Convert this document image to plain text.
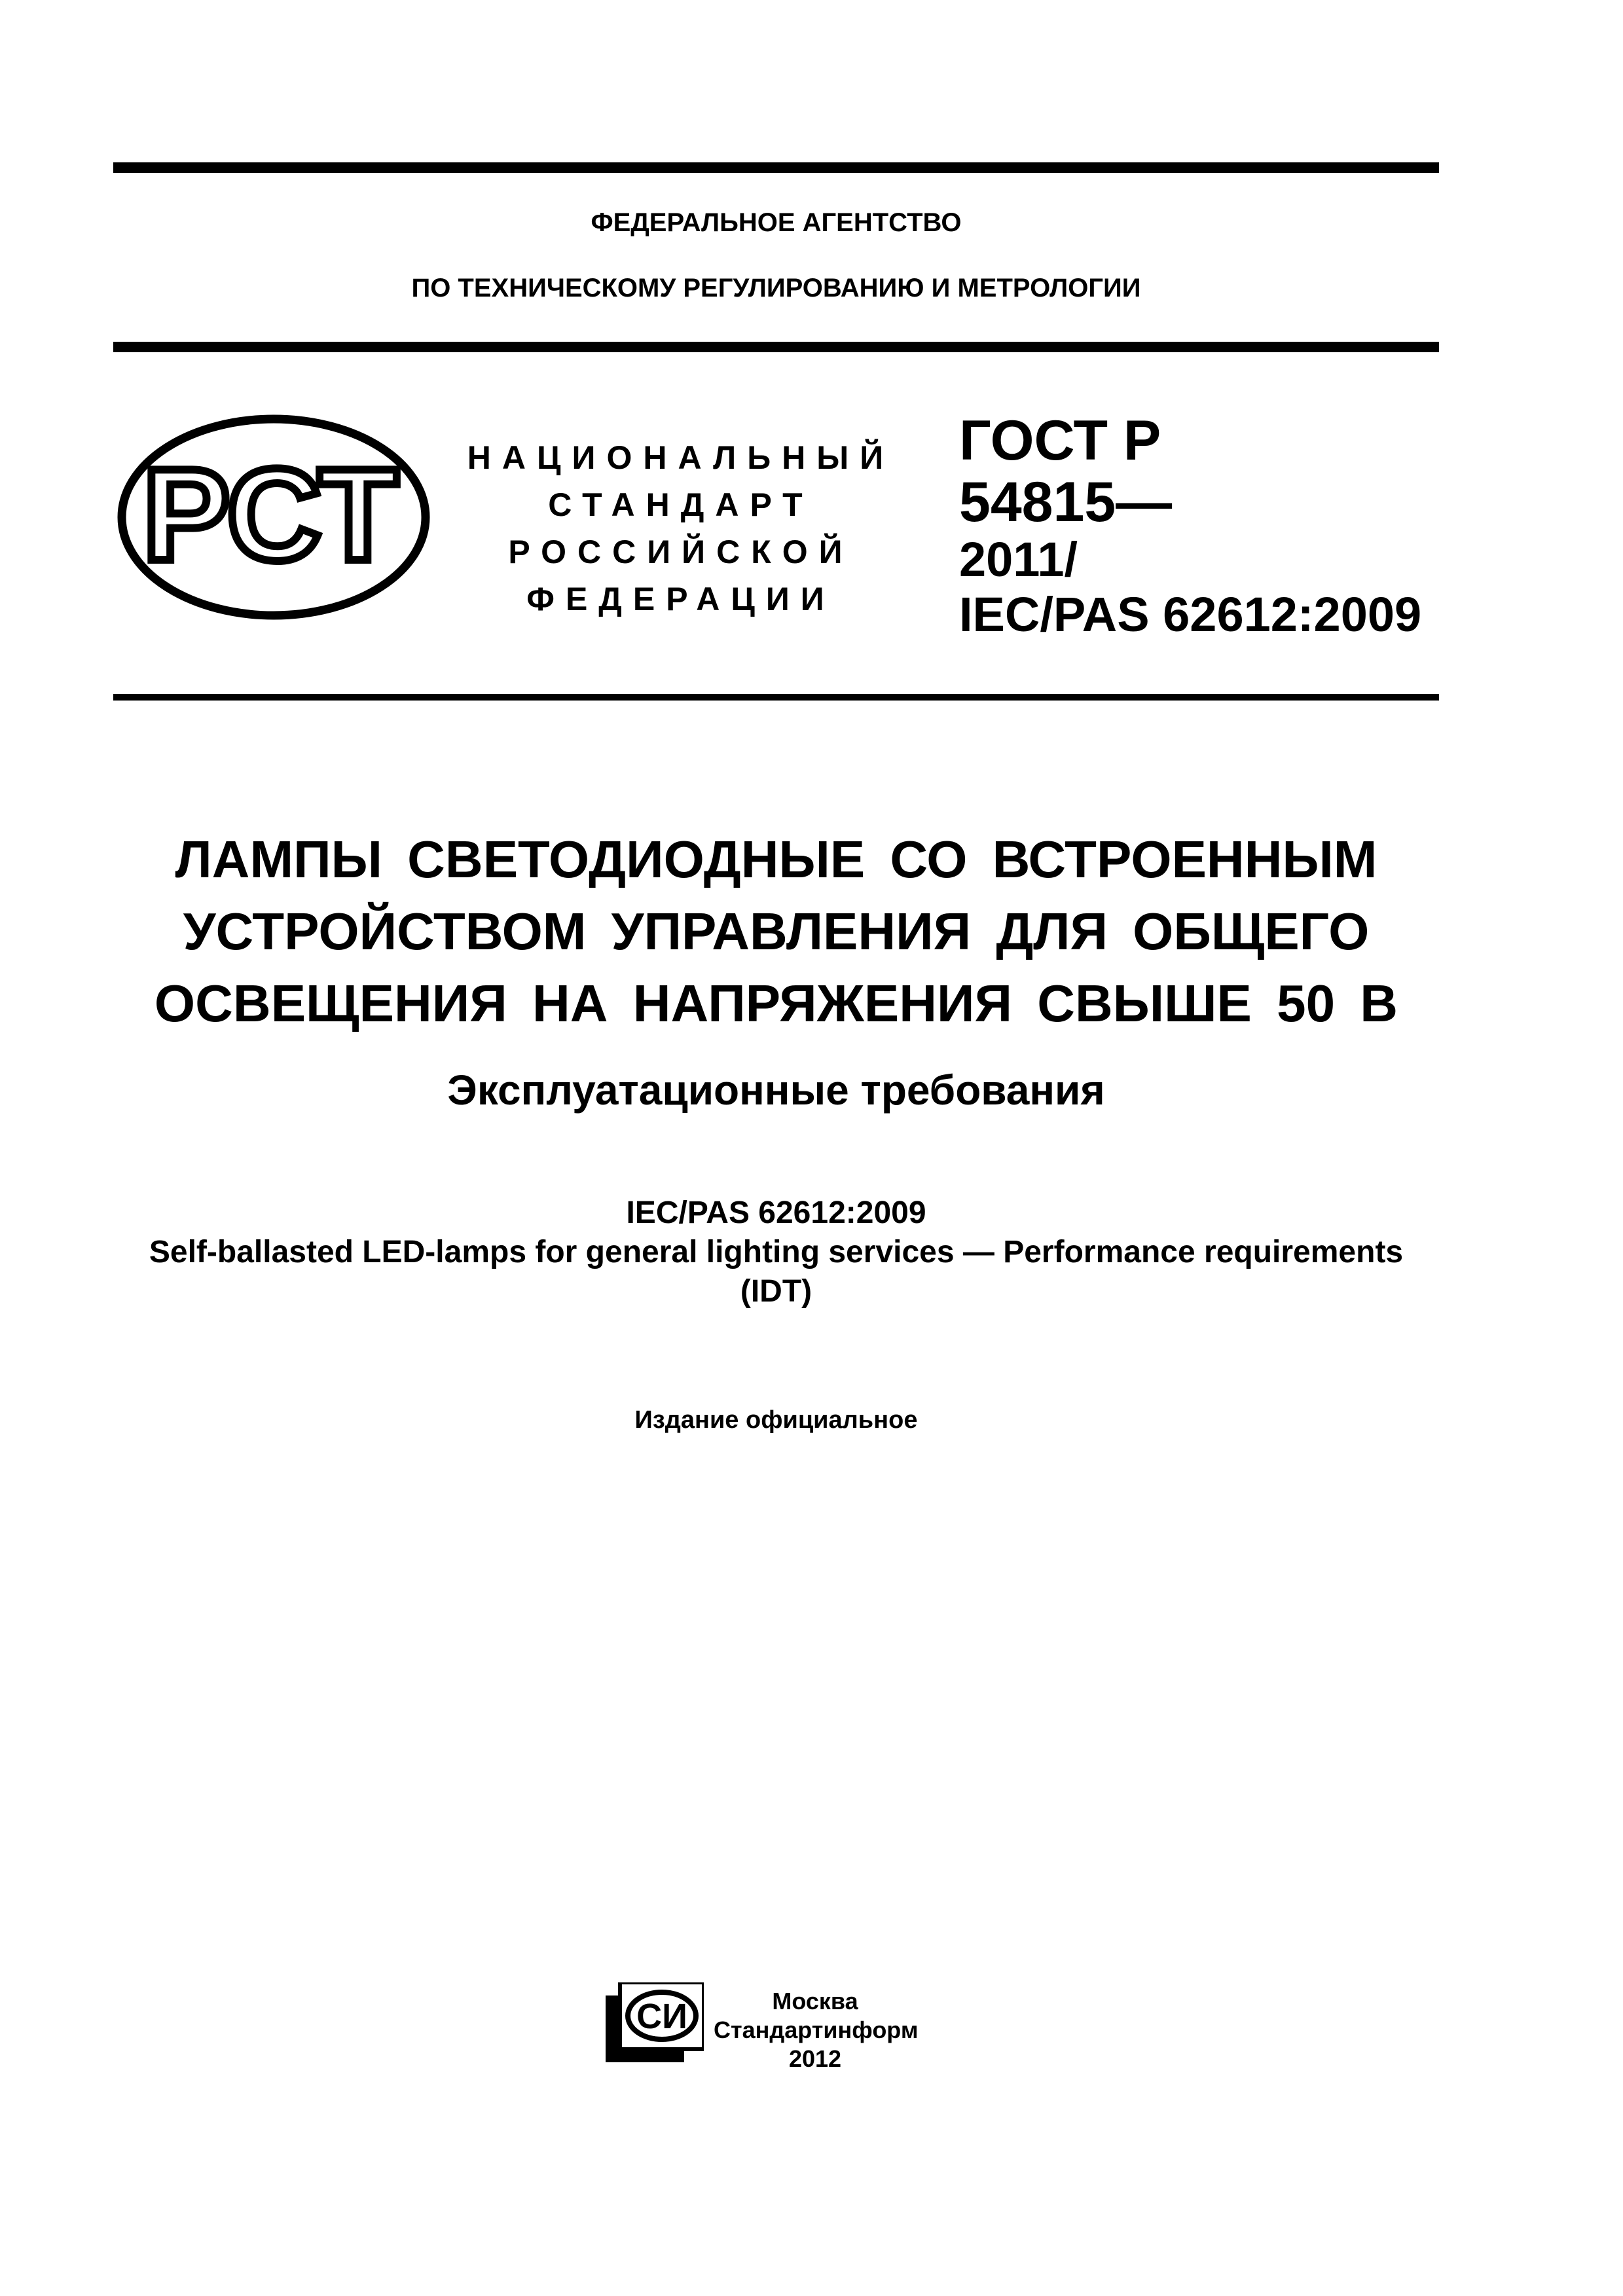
ФЕДЕРАЛЬНОЕ АГЕНТСТВО
ПО ТЕХНИЧЕСКОМУ РЕГУЛИРОВАНИЮ И МЕТРОЛОГИИ
РСТ НАЦИОНАЛЬНЫЙ
СТАНДАРТ
РОССИЙСКОЙ
ФЕДЕРАЦИИ
ГОСТ Р
54815—
2011/
IEC/PAS 62612:2009
ЛАМПЫ СВЕТОДИОДНЫЕ СО ВСТРОЕННЫМ
УСТРОЙСТВОМ УПРАВЛЕНИЯ ДЛЯ ОБЩЕГО
ОСВЕЩЕНИЯ НА НАПРЯЖЕНИЯ СВЫШЕ 50 В
Эксплуатационные требования
IEC/PAS 62612:2009
Self-ballasted LED-lamps for general lighting services — Performance requirements
(IDT)
Издание официальное
СИ	Москва
Стандартинформ
2012
